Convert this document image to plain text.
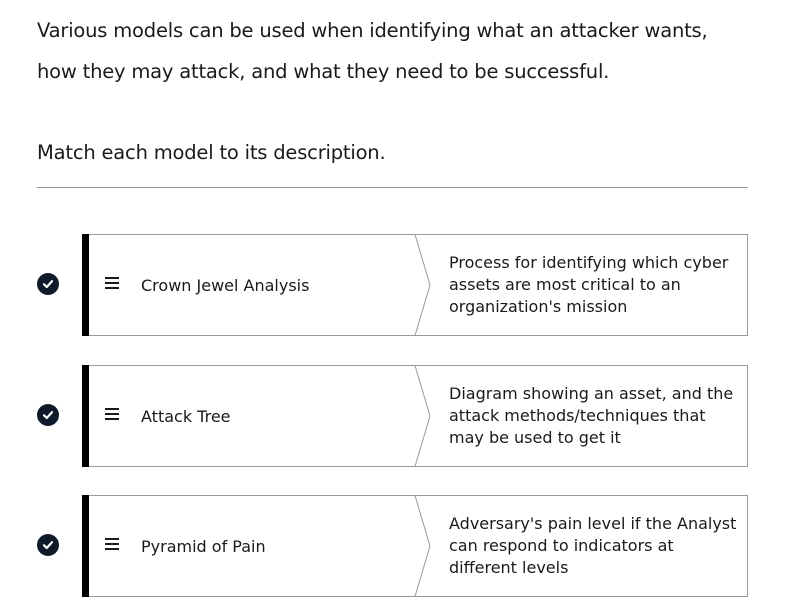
Various models can be used when identifying what an attacker wants, how they may attack, and what they need to be successful.
Match each model to its description.
Crown Jewel Analysis
Process for identifying which cyber assets are most critical to an organization's mission
Attack Tree
Diagram showing an asset, and the attack methods/techniques that may be used to get it
Pyramid of Pain
Adversary's pain level if the Analyst can respond to indicators at different levels
